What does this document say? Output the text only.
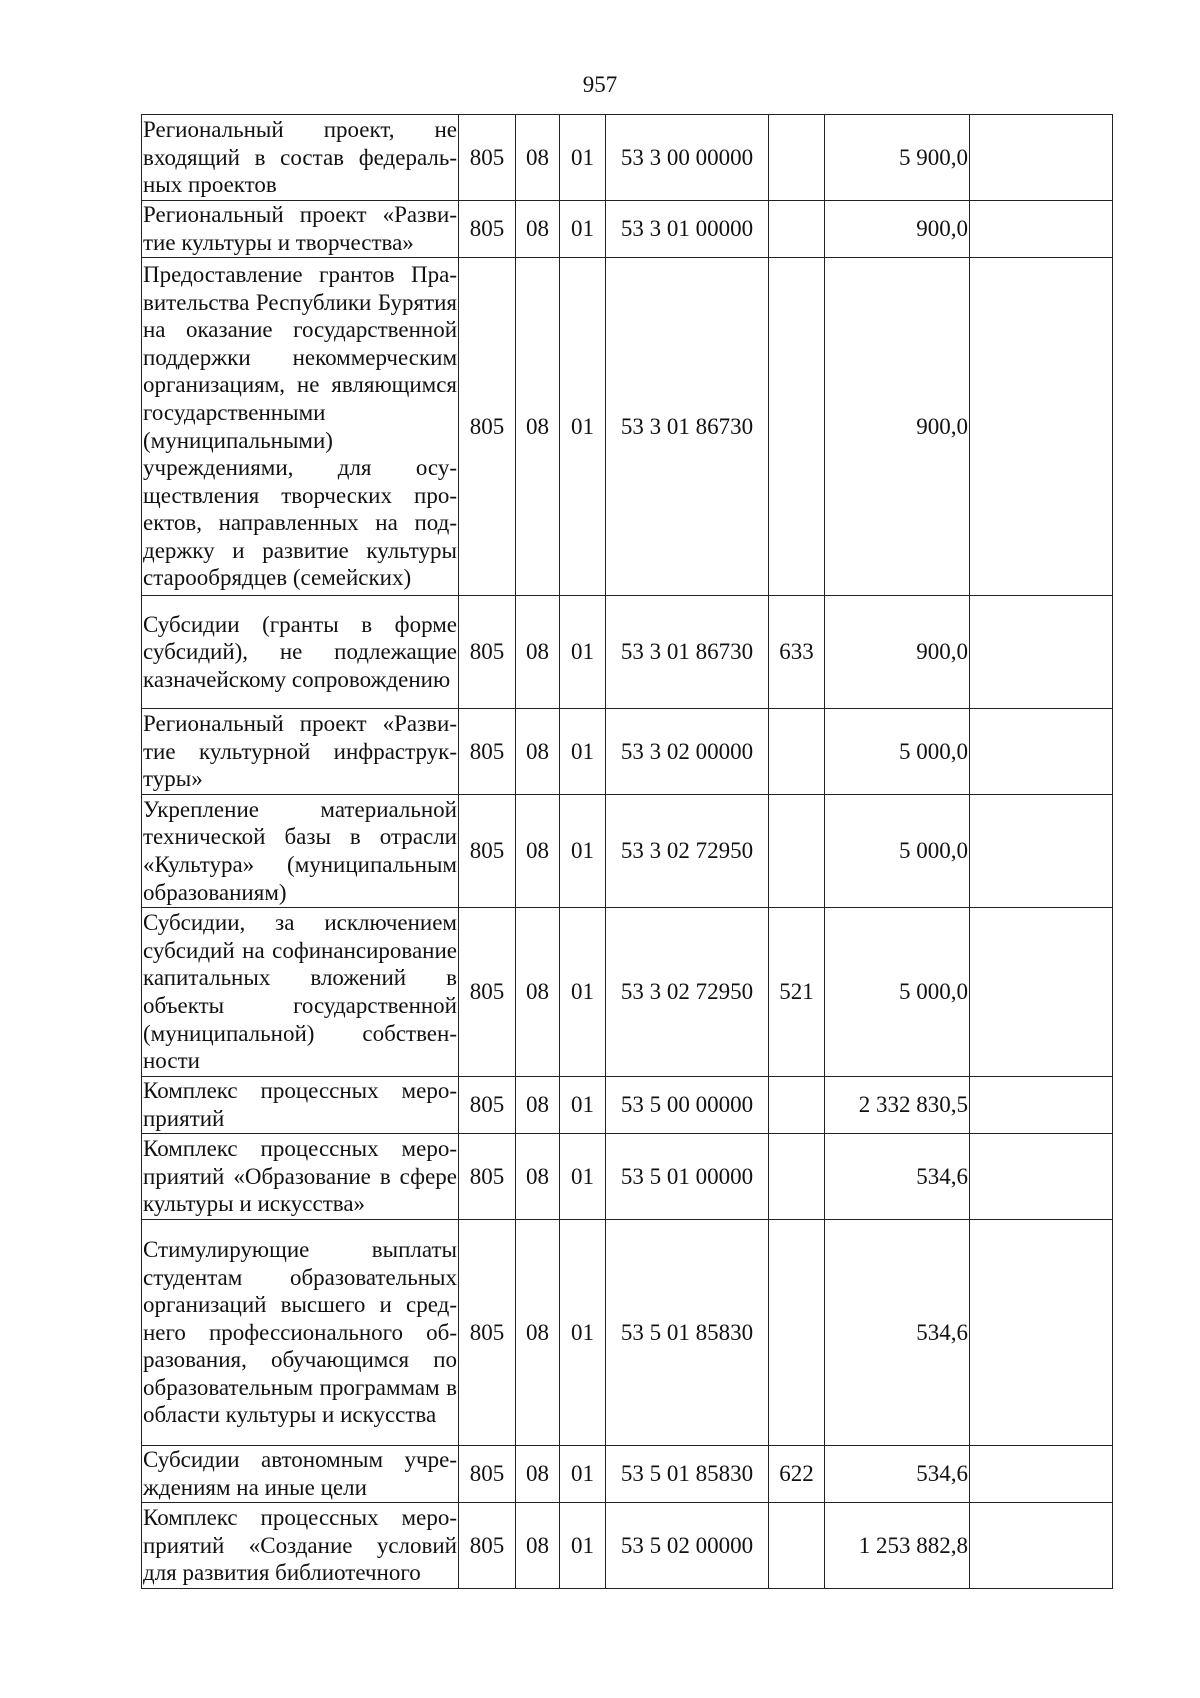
957
Региональный проект, не входящий в состав федеральных проектов	805	08	01	53 3 00 00000		5 900,0	
Региональный проект «Развитие культуры и творчества»	805	08	01	53 3 01 00000		900,0	
Предоставление грантов Правительства Республики Бурятия на оказание государственной поддержки некоммерческим организациям, не являющимся государственными (муниципальными) учреждениями, для осуществления творческих проектов, направленных на поддержку и развитие культуры старообрядцев (семейских)	805	08	01	53 3 01 86730		900,0	
Субсидии (гранты в форме субсидий), не подлежащие казначейскому сопровождению	805	08	01	53 3 01 86730	633	900,0	
Региональный проект «Развитие культурной инфраструктуры»	805	08	01	53 3 02 00000		5 000,0	
Укрепление материальной технической базы в отрасли «Культура» (муниципальным образованиям)	805	08	01	53 3 02 72950		5 000,0	
Субсидии, за исключением субсидий на софинансирование капитальных вложений в объекты государственной (муниципальной) собственности	805	08	01	53 3 02 72950	521	5 000,0	
Комплекс процессных мероприятий	805	08	01	53 5 00 00000		2 332 830,5	
Комплекс процессных мероприятий «Образование в сфере культуры и искусства»	805	08	01	53 5 01 00000		534,6	
Стимулирующие выплаты студентам образовательных организаций высшего и среднего профессионального образования, обучающимся по образовательным программам в области культуры и искусства	805	08	01	53 5 01 85830		534,6	
Субсидии автономным учреждениям на иные цели	805	08	01	53 5 01 85830	622	534,6	
Комплекс процессных мероприятий «Создание условий для развития библиотечного	805	08	01	53 5 02 00000		1 253 882,8	
